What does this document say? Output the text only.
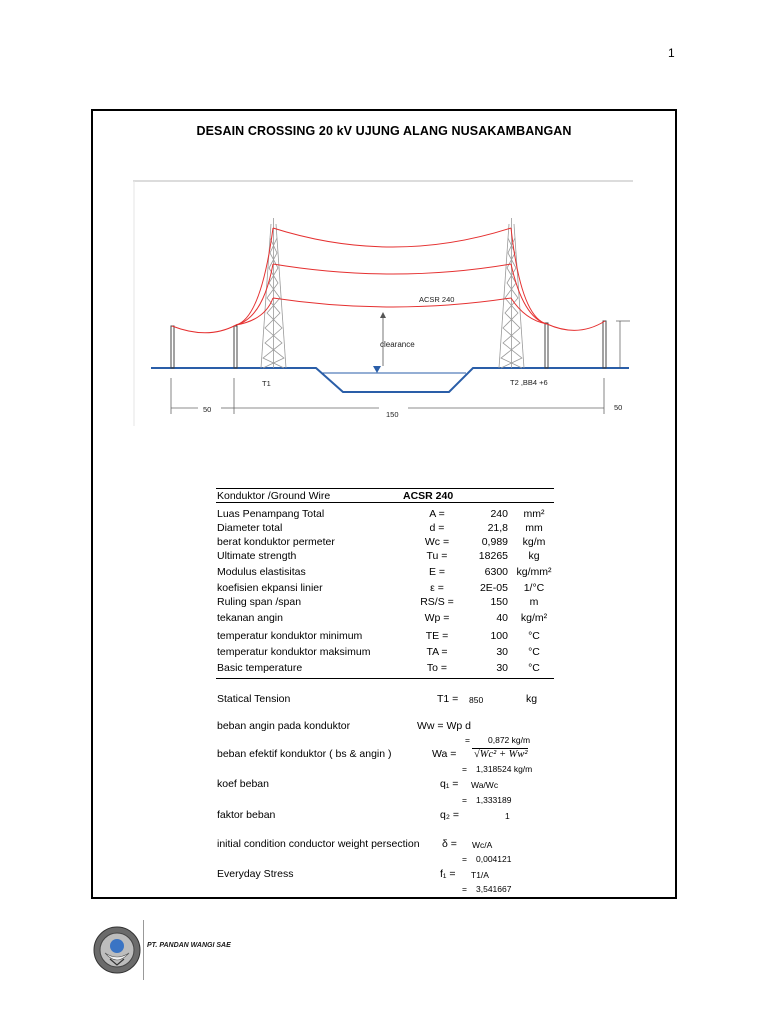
1
DESAIN CROSSING 20 kV UJUNG ALANG NUSAKAMBANGAN
ACSR 240
clearance
T1	T2 ,BB4 +6
50
150
50
Konduktor /Ground Wire	ACSR 240
Luas Penampang Total	A =	240	mm²
Diameter total	d =	21,8	mm
berat konduktor permeter	Wc =	0,989	kg/m
Ultimate strength	Tu =	18265	kg
Modulus elastisitas	E =	6300 kg/mm²
koefisien ekpansi linier	ε =	2E-05	1/°C
Ruling span /span	RS/S =	150	m
tekanan angin	Wp =	40	kg/m²
temperatur konduktor minimum	TE =	100	°C
temperatur konduktor maksimum	TA =	30	°C
Basic temperature	To =	30	°C
Statical Tension	T1 = 850	kg
beban angin pada konduktor	Ww = Wp d
= 0,872 kg/m
beban efektif konduktor ( bs & angin )	Wa = √Wc² + Ww²
= 1,318524 kg/m
koef beban	q₁ = Wa/Wc
= 1,333189
faktor beban	q₂ =	1
initial condition conductor weight persection δ = Wc/A
= 0,004121
Everyday Stress	f₁ = T1/A
= 3,541667
PT. PANDAN WANGI SAE
